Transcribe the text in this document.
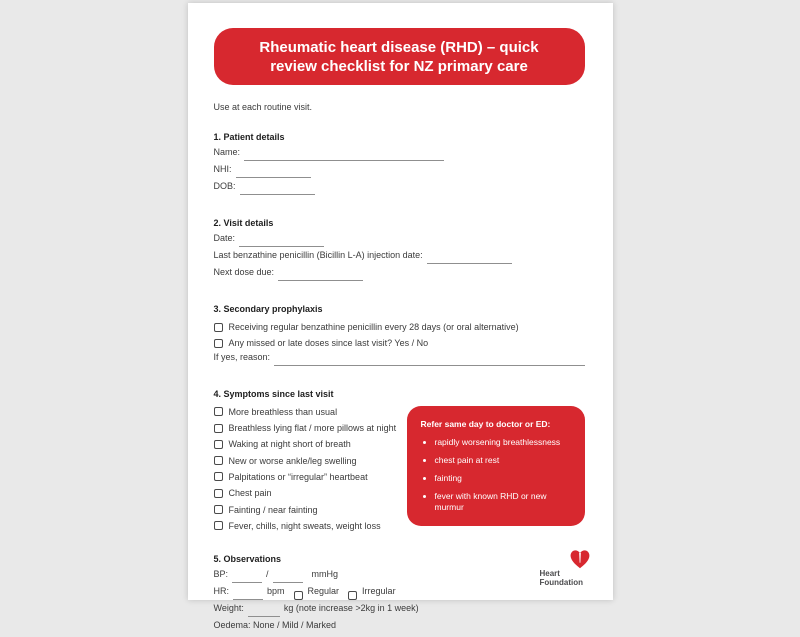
Rheumatic heart disease (RHD) – quick review checklist for NZ primary care

Use at each routine visit.

1. Patient details
Name:
NHI:
DOB:
2. Visit details
Date:
Last benzathine penicillin (Bicillin L-A) injection date:
Next dose due:
3. Secondary prophylaxis
Receiving regular benzathine penicillin every 28 days (or oral alternative)
Any missed or late doses since last visit? Yes / No
If yes, reason:
4. Symptoms since last visit
More breathless than usual
Breathless lying flat / more pillows at night
Waking at night short of breath
New or worse ankle/leg swelling
Palpitations or “irregular” heartbeat
Chest pain
Fainting / near fainting
Fever, chills, night sweats, weight loss
Refer same day to doctor or ED:
• rapidly worsening breathlessness
• chest pain at rest
• fainting
• fever with known RHD or new murmur
5. Observations
BP:	/	mmHg
HR:	bpm	Regular	Irregular
Weight:	kg (note increase >2kg in 1 week)
Oedema: None / Mild / Marked
Heart
Foundation
